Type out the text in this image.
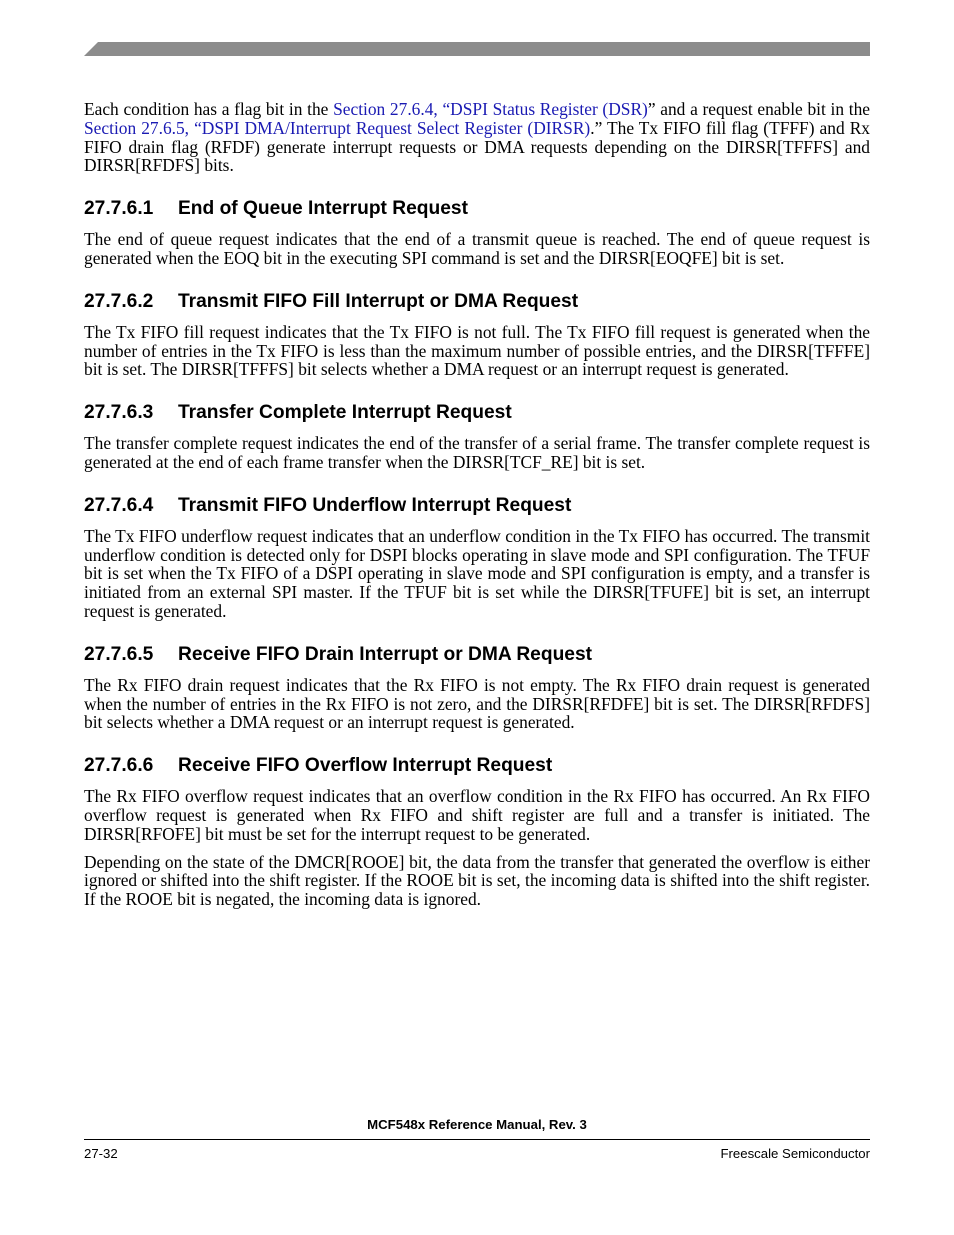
Each condition has a flag bit in the Section 27.6.4, “DSPI Status Register (DSR)” and a request enable bit in the Section 27.6.5, “DSPI DMA/Interrupt Request Select Register (DIRSR).” The Tx FIFO fill flag (TFFF) and Rx FIFO drain flag (RFDF) generate interrupt requests or DMA requests depending on the DIRSR[TFFFS] and DIRSR[RFDFS] bits.

27.7.6.1 End of Queue Interrupt Request

The end of queue request indicates that the end of a transmit queue is reached. The end of queue request is generated when the EOQ bit in the executing SPI command is set and the DIRSR[EOQFE] bit is set.

27.7.6.2 Transmit FIFO Fill Interrupt or DMA Request

The Tx FIFO fill request indicates that the Tx FIFO is not full. The Tx FIFO fill request is generated when the number of entries in the Tx FIFO is less than the maximum number of possible entries, and the DIRSR[TFFFE] bit is set. The DIRSR[TFFFS] bit selects whether a DMA request or an interrupt request is generated.

27.7.6.3 Transfer Complete Interrupt Request

The transfer complete request indicates the end of the transfer of a serial frame. The transfer complete request is generated at the end of each frame transfer when the DIRSR[TCF_RE] bit is set.

27.7.6.4 Transmit FIFO Underflow Interrupt Request

The Tx FIFO underflow request indicates that an underflow condition in the Tx FIFO has occurred. The transmit underflow condition is detected only for DSPI blocks operating in slave mode and SPI configuration. The TFUF bit is set when the Tx FIFO of a DSPI operating in slave mode and SPI configuration is empty, and a transfer is initiated from an external SPI master. If the TFUF bit is set while the DIRSR[TFUFE] bit is set, an interrupt request is generated.

27.7.6.5 Receive FIFO Drain Interrupt or DMA Request

The Rx FIFO drain request indicates that the Rx FIFO is not empty. The Rx FIFO drain request is generated when the number of entries in the Rx FIFO is not zero, and the DIRSR[RFDFE] bit is set. The DIRSR[RFDFS] bit selects whether a DMA request or an interrupt request is generated.

27.7.6.6 Receive FIFO Overflow Interrupt Request

The Rx FIFO overflow request indicates that an overflow condition in the Rx FIFO has occurred. An Rx FIFO overflow request is generated when Rx FIFO and shift register are full and a transfer is initiated. The DIRSR[RFOFE] bit must be set for the interrupt request to be generated.

Depending on the state of the DMCR[ROOE] bit, the data from the transfer that generated the overflow is either ignored or shifted into the shift register. If the ROOE bit is set, the incoming data is shifted into the shift register. If the ROOE bit is negated, the incoming data is ignored.

MCF548x Reference Manual, Rev. 3
27-32	Freescale Semiconductor
